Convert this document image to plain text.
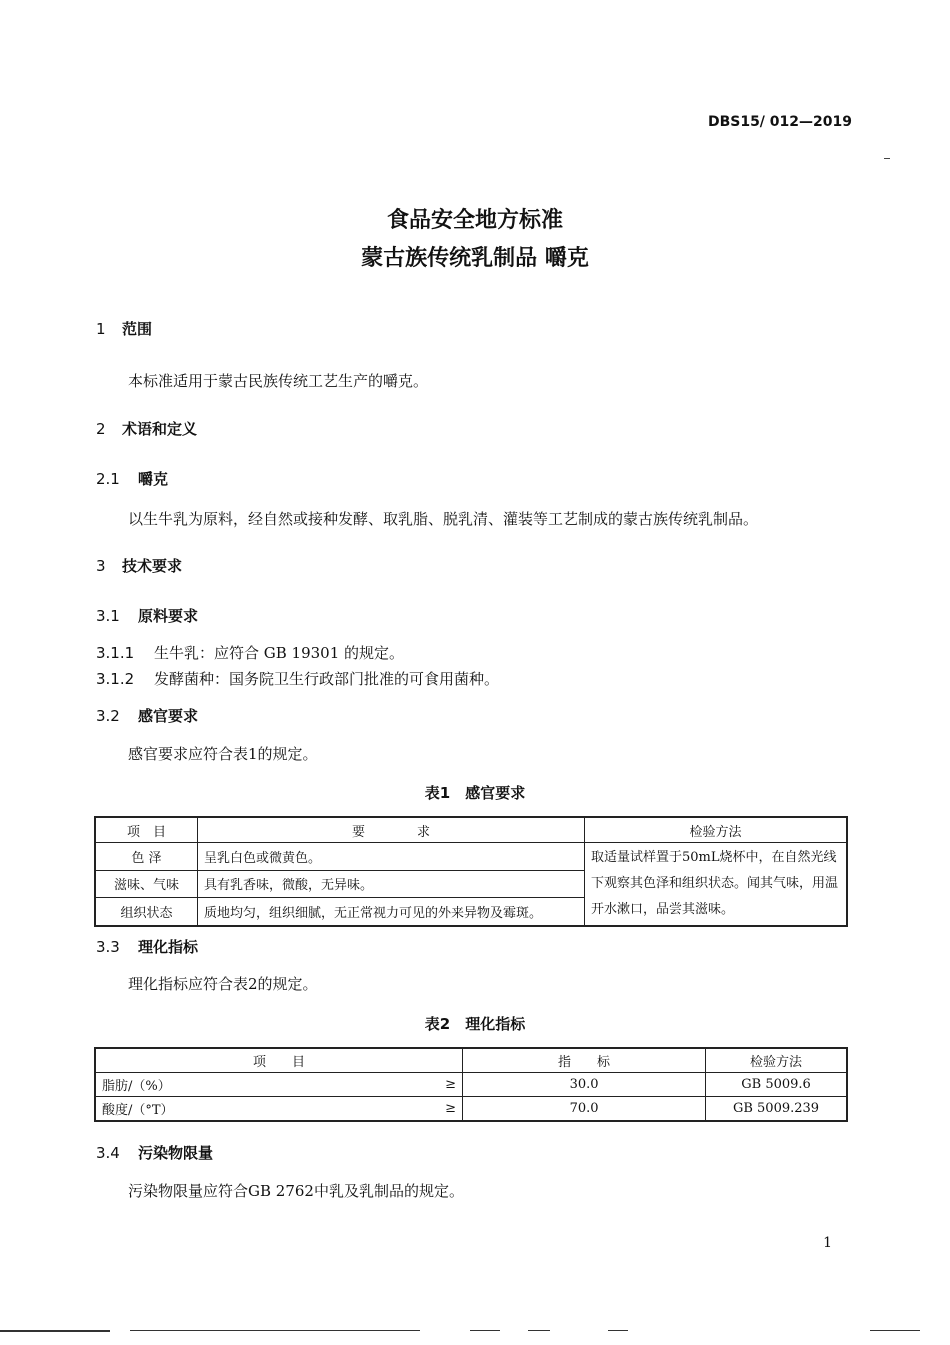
DBS15/ 012—2019
食品安全地方标准
蒙古族传统乳制品 嚼克
1 范围
本标准适用于蒙古民族传统工艺生产的嚼克。
2 术语和定义
2.1 嚼克
以生牛乳为原料，经自然或接种发酵、取乳脂、脱乳清、灌装等工艺制成的蒙古族传统乳制品。
3 技术要求
3.1 原料要求
3.1.1 生牛乳：应符合 GB 19301 的规定。
3.1.2 发酵菌种：国务院卫生行政部门批准的可食用菌种。
3.2 感官要求
感官要求应符合表1的规定。
表1　感官要求
项　目	要　　　　求	检验方法
色 泽	呈乳白色或微黄色。	取适量试样置于50mL烧杯中，在自然光线下观察其色泽和组织状态。闻其气味，用温开水漱口，品尝其滋味。
滋味、气味	具有乳香味，微酸，无异味。	
组织状态	质地均匀，组织细腻，无正常视力可见的外来异物及霉斑。	
3.3 理化指标
理化指标应符合表2的规定。
表2　理化指标
项　　目		指　　标	检验方法
脂肪/（%）	≥	30.0	GB 5009.6
酸度/（°T）	≥	70.0	GB 5009.239
3.4 污染物限量
污染物限量应符合GB 2762中乳及乳制品的规定。
1
